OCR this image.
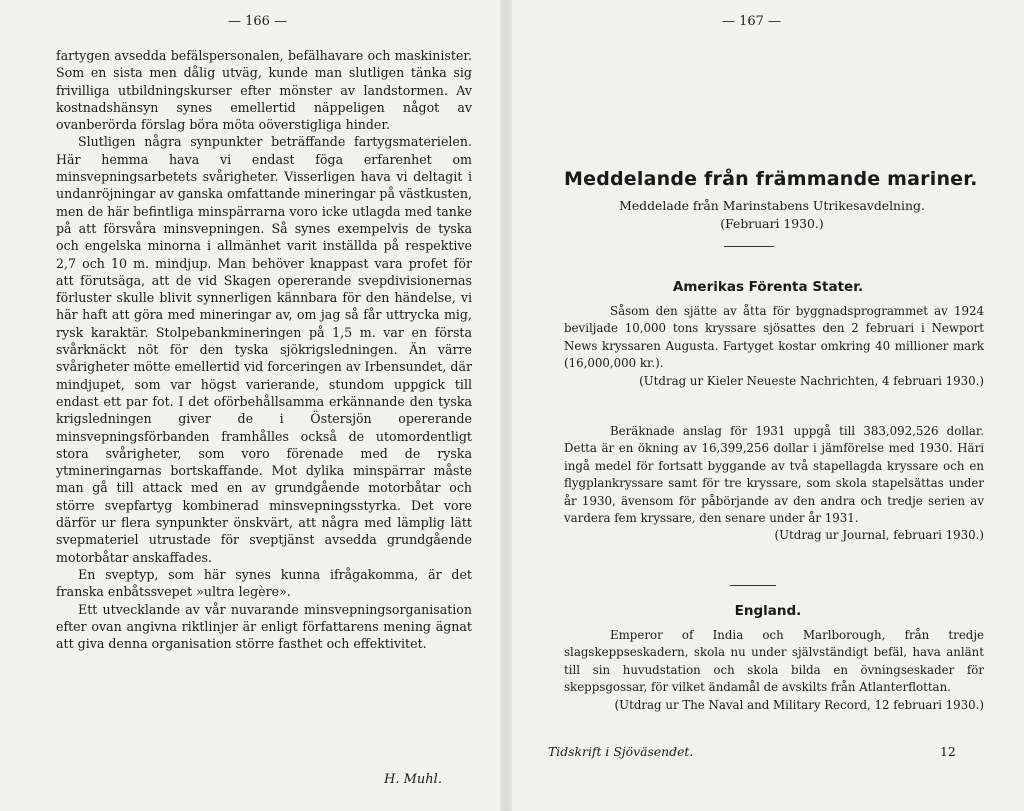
— 166 —

fartygen avsedda befälspersonalen, befälhavare och maskinister. Som en sista men dålig utväg, kunde man slutligen tänka sig frivilliga utbildningskurser efter mönster av landstormen. Av kostnadshänsyn synes emellertid näppeligen något av ovanberörda förslag böra möta oöverstigliga hinder.

Slutligen några synpunkter beträffande fartygsmaterielen. Här hemma hava vi endast föga erfarenhet om minsvepningsarbetets svårigheter. Visserligen hava vi deltagit i undanröjningar av ganska omfattande mineringar på västkusten, men de här befintliga minspärrarna voro icke utlagda med tanke på att försvåra minsvepningen. Så synes exempelvis de tyska och engelska minorna i allmänhet varit inställda på respektive 2,7 och 10 m. mindjup. Man behöver knappast vara profet för att förutsäga, att de vid Skagen opererande svepdivisionernas förluster skulle blivit synnerligen kännbara för den händelse, vi här haft att göra med mineringar av, om jag så får uttrycka mig, rysk karaktär. Stolpebankmineringen på 1,5 m. var en första svårknäckt nöt för den tyska sjökrigsledningen. Än värre svårigheter mötte emellertid vid forceringen av Irbensundet, där mindjupet, som var högst varierande, stundom uppgick till endast ett par fot. I det oförbehållsamma erkännande den tyska krigsledningen giver de i Östersjön opererande minsvepningsförbanden framhålles också de utomordentligt stora svårigheter, som voro förenade med de ryska ytmineringarnas bortskaffande. Mot dylika minspärrar måste man gå till attack med en av grundgående motorbåtar och större svepfartyg kombinerad minsvepningsstyrka. Det vore därför ur flera synpunkter önskvärt, att några med lämplig lätt svepmateriel utrustade för sveptjänst avsedda grundgående motorbåtar anskaffades.

En sveptyp, som här synes kunna ifrågakomma, är det franska enbåtssvepet »ultra legère».

Ett utvecklande av vår nuvarande minsvepningsorganisation efter ovan angivna riktlinjer är enligt författarens mening ägnat att giva denna organisation större fasthet och effektivitet.

H. Muhl.
— 167 —
Meddelande från främmande mariner.
Meddelade från Marinstabens Utrikesavdelning.
(Februari 1930.)
Amerikas Förenta Stater.

Såsom den sjätte av åtta för byggnadsprogrammet av 1924 beviljade 10,000 tons kryssare sjösattes den 2 februari i Newport News kryssaren Augusta. Fartyget kostar omkring 40 millioner mark (16,000,000 kr.).

(Utdrag ur Kieler Neueste Nachrichten, 4 februari 1930.)

Beräknade anslag för 1931 uppgå till 383,092,526 dollar. Detta är en ökning av 16,399,256 dollar i jämförelse med 1930. Häri ingå medel för fortsatt byggande av två stapellagda kryssare och en flygplankryssare samt för tre kryssare, som skola stapelsättas under år 1930, ävensom för påbörjande av den andra och tredje serien av vardera fem kryssare, den senare under år 1931.

(Utdrag ur Journal, februari 1930.)

England.

Emperor of India och Marlborough, från tredje slagskeppseskadern, skola nu under självständigt befäl, hava anlänt till sin huvudstation och skola bilda en övningseskader för skeppsgossar, för vilket ändamål de avskilts från Atlanterflottan.

(Utdrag ur The Naval and Military Record, 12 februari 1930.)

Tidskrift i Sjöväsendet.	12
